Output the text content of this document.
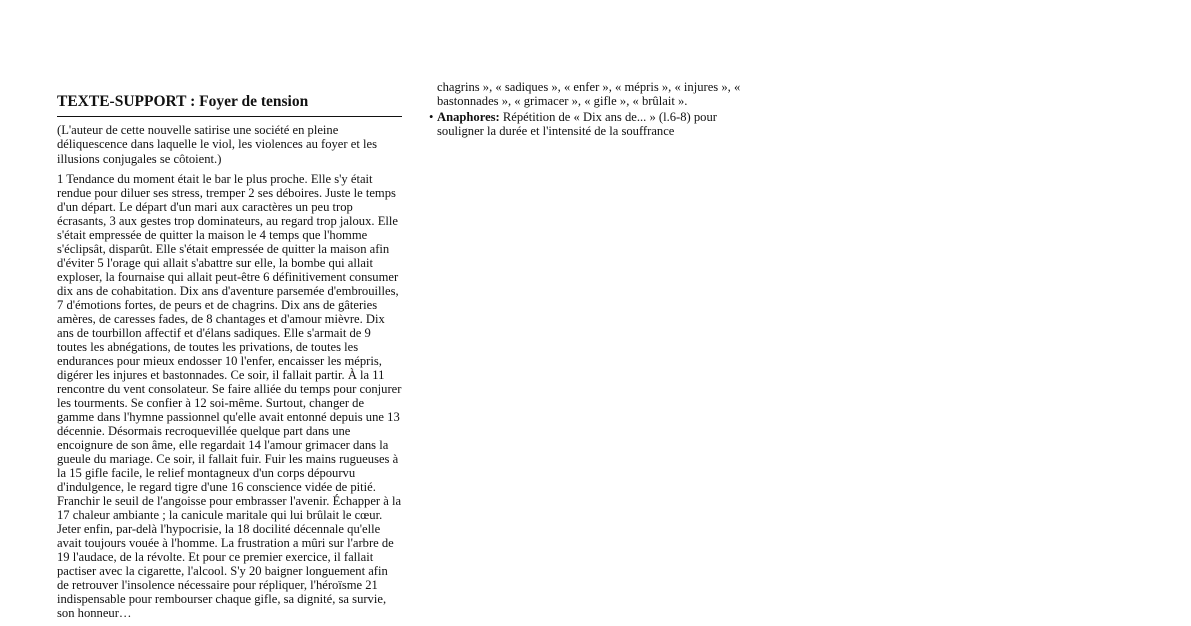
TEXTE-SUPPORT : Foyer de tension

(L'auteur de cette nouvelle satirise une société en pleine déliquescence dans laquelle le viol, les violences au foyer et les illusions conjugales se côtoient.)

1 Tendance du moment était le bar le plus proche. Elle s'y était rendue pour diluer ses stress, tremper 2 ses déboires. Juste le temps d'un départ. Le départ d'un mari aux caractères un peu trop écrasants, 3 aux gestes trop dominateurs, au regard trop jaloux. Elle s'était empressée de quitter la maison le 4 temps que l'homme s'éclipsât, disparût. Elle s'était empressée de quitter la maison afin d'éviter 5 l'orage qui allait s'abattre sur elle, la bombe qui allait exploser, la fournaise qui allait peut-être 6 définitivement consumer dix ans de cohabitation. Dix ans d'aventure parsemée d'embrouilles, 7 d'émotions fortes, de peurs et de chagrins. Dix ans de gâteries amères, de caresses fades, de 8 chantages et d'amour mièvre. Dix ans de tourbillon affectif et d'élans sadiques. Elle s'armait de 9 toutes les abnégations, de toutes les privations, de toutes les endurances pour mieux endosser 10 l'enfer, encaisser les mépris, digérer les injures et bastonnades. Ce soir, il fallait partir. À la 11 rencontre du vent consolateur. Se faire alliée du temps pour conjurer les tourments. Se confier à 12 soi-même. Surtout, changer de gamme dans l'hymne passionnel qu'elle avait entonné depuis une 13 décennie. Désormais recroquevillée quelque part dans une encoignure de son âme, elle regardait 14 l'amour grimacer dans la gueule du mariage. Ce soir, il fallait fuir. Fuir les mains rugueuses à la 15 gifle facile, le relief montagneux d'un corps dépourvu d'indulgence, le regard tigre d'une 16 conscience vidée de pitié. Franchir le seuil de l'angoisse pour embrasser l'avenir. Échapper à la 17 chaleur ambiante ; la canicule maritale qui lui brûlait le cœur. Jeter enfin, par-delà l'hypocrisie, la 18 docilité décennale qu'elle avait toujours vouée à l'homme. La frustration a mûri sur l'arbre de 19 l'audace, de la révolte. Et pour ce premier exercice, il fallait pactiser avec la cigarette, l'alcool. S'y 20 baigner longuement afin de retrouver l'insolence nécessaire pour répliquer, l'héroïsme 21 indispensable pour rembourser chaque gifle, sa dignité, sa survie, son honneur…

chagrins », « sadiques », « enfer », « mépris », « injures », « bastonnades », « grimacer », « gifle », « brûlait ».

• Anaphores: Répétition de « Dix ans de... » (l.6-8) pour souligner la durée et l'intensité de la souffrance
